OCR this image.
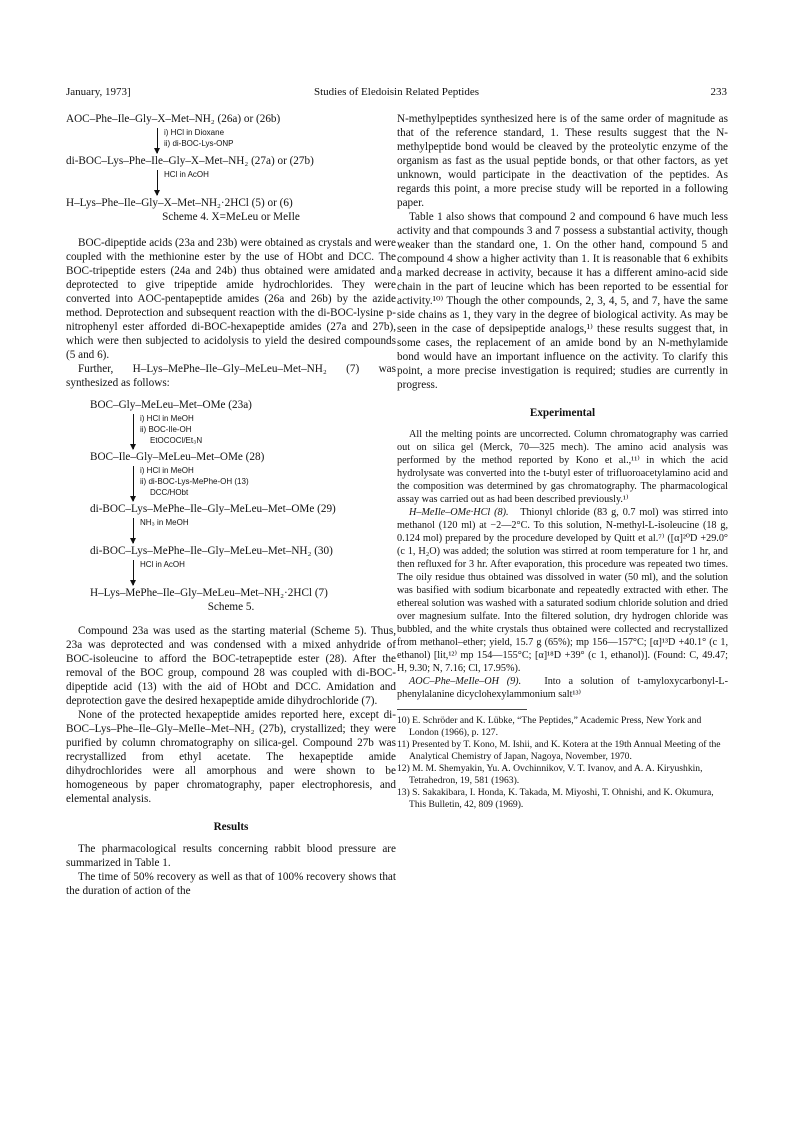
January, 1973]	Studies of Eledoisin Related Peptides	233
AOC–Phe–Ile–Gly–X–Met–NH₂ (26a) or (26b)
i) HCl in Dioxane
ii) di-BOC-Lys-ONP
di-BOC–Lys–Phe–Ile–Gly–X–Met–NH₂ (27a) or (27b)
HCl in AcOH
H–Lys–Phe–Ile–Gly–X–Met–NH₂·2HCl (5) or (6)
Scheme 4. X=MeLeu or MeIle

BOC-dipeptide acids (23a and 23b) were obtained as crystals and were coupled with the methionine ester by the use of HObt and DCC. The BOC-tripeptide esters (24a and 24b) thus obtained were amidated and deprotected to give tripeptide amide hydrochlorides. They were converted into AOC-pentapeptide amides (26a and 26b) by the azide method. Deprotection and subsequent reaction with the di-BOC-lysine p-nitrophenyl ester afforded di-BOC-hexapeptide amides (27a and 27b), which were then subjected to acidolysis to yield the desired compounds (5 and 6).

Further, H–Lys–MePhe–Ile–Gly–MeLeu–Met–NH₂ (7) was synthesized as follows:

BOC–Gly–MeLeu–Met–OMe (23a)
i) HCl in MeOH
ii) BOC-Ile-OH
EtOCOCl/Et₃N
BOC–Ile–Gly–MeLeu–Met–OMe (28)
i) HCl in MeOH
ii) di-BOC-Lys-MePhe-OH (13)
DCC/HObt
di-BOC–Lys–MePhe–Ile–Gly–MeLeu–Met–OMe (29)
NH₃ in MeOH
di-BOC–Lys–MePhe–Ile–Gly–MeLeu–Met–NH₂ (30)
HCl in AcOH
H–Lys–MePhe–Ile–Gly–MeLeu–Met–NH₂·2HCl (7)
Scheme 5.

Compound 23a was used as the starting material (Scheme 5). Thus, 23a was deprotected and was condensed with a mixed anhydride of BOC-isoleucine to afford the BOC-tetrapeptide ester (28). After the removal of the BOC group, compound 28 was coupled with di-BOC-dipeptide acid (13) with the aid of HObt and DCC. Amidation and deprotection gave the desired hexapeptide amide dihydrochloride (7).

None of the protected hexapeptide amides reported here, except di-BOC–Lys–Phe–Ile–Gly–MeIle–Met–NH₂ (27b), crystallized; they were purified by column chromatography on silica-gel. Compound 27b was recrystallized from ethyl acetate. The hexapeptide amide dihydrochlorides were all amorphous and were shown to be homogeneous by paper chromatography, paper electrophoresis, and elemental analysis.

Results

The pharmacological results concerning rabbit blood pressure are summarized in Table 1.

The time of 50% recovery as well as that of 100% recovery shows that the duration of action of the

N-methylpeptides synthesized here is of the same order of magnitude as that of the reference standard, 1. These results suggest that the N-methylpeptide bond would be cleaved by the proteolytic enzyme of the organism as fast as the usual peptide bonds, or that other factors, as yet unknown, would participate in the deactivation of the peptides. As regards this point, a more precise study will be reported in a following paper.

Table 1 also shows that compound 2 and compound 6 have much less activity and that compounds 3 and 7 possess a substantial activity, though weaker than the standard one, 1. On the other hand, compound 5 and compound 4 show a higher activity than 1. It is reasonable that 6 exhibits a marked decrease in activity, because it has a different amino-acid side chain in the part of leucine which has been reported to be essential for activity.¹⁰⁾ Though the other compounds, 2, 3, 4, 5, and 7, have the same side chains as 1, they vary in the degree of biological activity. As may be seen in the case of depsipeptide analogs,¹⁾ these results suggest that, in some cases, the replacement of an amide bond by an N-methylamide bond would have an important influence on the activity. To clarify this point, a more precise investigation is required; studies are currently in progress.

Experimental

All the melting points are uncorrected. Column chromatography was carried out on silica gel (Merck, 70—325 mech). The amino acid analysis was performed by the method reported by Kono et al.,¹¹⁾ in which the acid hydrolysate was converted into the t-butyl ester of trifluoroacetylamino acid and the composition was determined by gas chromatography. The pharmacological assay was carried out as had been described previously.¹⁾

H–MeIle–OMe·HCl (8). Thionyl chloride (83 g, 0.7 mol) was stirred into methanol (120 ml) at −2—2°C. To this solution, N-methyl-L-isoleucine (18 g, 0.124 mol) prepared by the procedure developed by Quitt et al.⁷⁾ ([α]²⁰D +29.0° (c 1, H₂O) was added; the solution was stirred at room temperature for 1 hr, and then refluxed for 3 hr. After evaporation, this procedure was repeated two times. The oily residue thus obtained was dissolved in water (50 ml), and the solution was basified with sodium bicarbonate and repeatedly extracted with ether. The ethereal solution was washed with a saturated sodium chloride solution and dried over magnesium sulfate. Into the filtered solution, dry hydrogen chloride was bubbled, and the white crystals thus obtained were collected and recrystallized from methanol–ether; yield, 15.7 g (65%); mp 156—157°C; [α]¹³D +40.1° (c 1, ethanol) [lit,¹²⁾ mp 154—155°C; [α]¹⁸D +39° (c 1, ethanol)]. (Found: C, 49.47; H, 9.30; N, 7.16; Cl, 17.95%).

AOC–Phe–MeIle–OH (9). Into a solution of t-amyloxycarbonyl-L-phenylalanine dicyclohexylammonium salt¹³⁾

10) E. Schröder and K. Lübke, “The Peptides,” Academic Press, New York and London (1966), p. 127.
11) Presented by T. Kono, M. Ishii, and K. Kotera at the 19th Annual Meeting of the Analytical Chemistry of Japan, Nagoya, November, 1970.
12) M. M. Shemyakin, Yu. A. Ovchinnikov, V. T. Ivanov, and A. A. Kiryushkin, Tetrahedron, 19, 581 (1963).
13) S. Sakakibara, I. Honda, K. Takada, M. Miyoshi, T. Ohnishi, and K. Okumura, This Bulletin, 42, 809 (1969).
